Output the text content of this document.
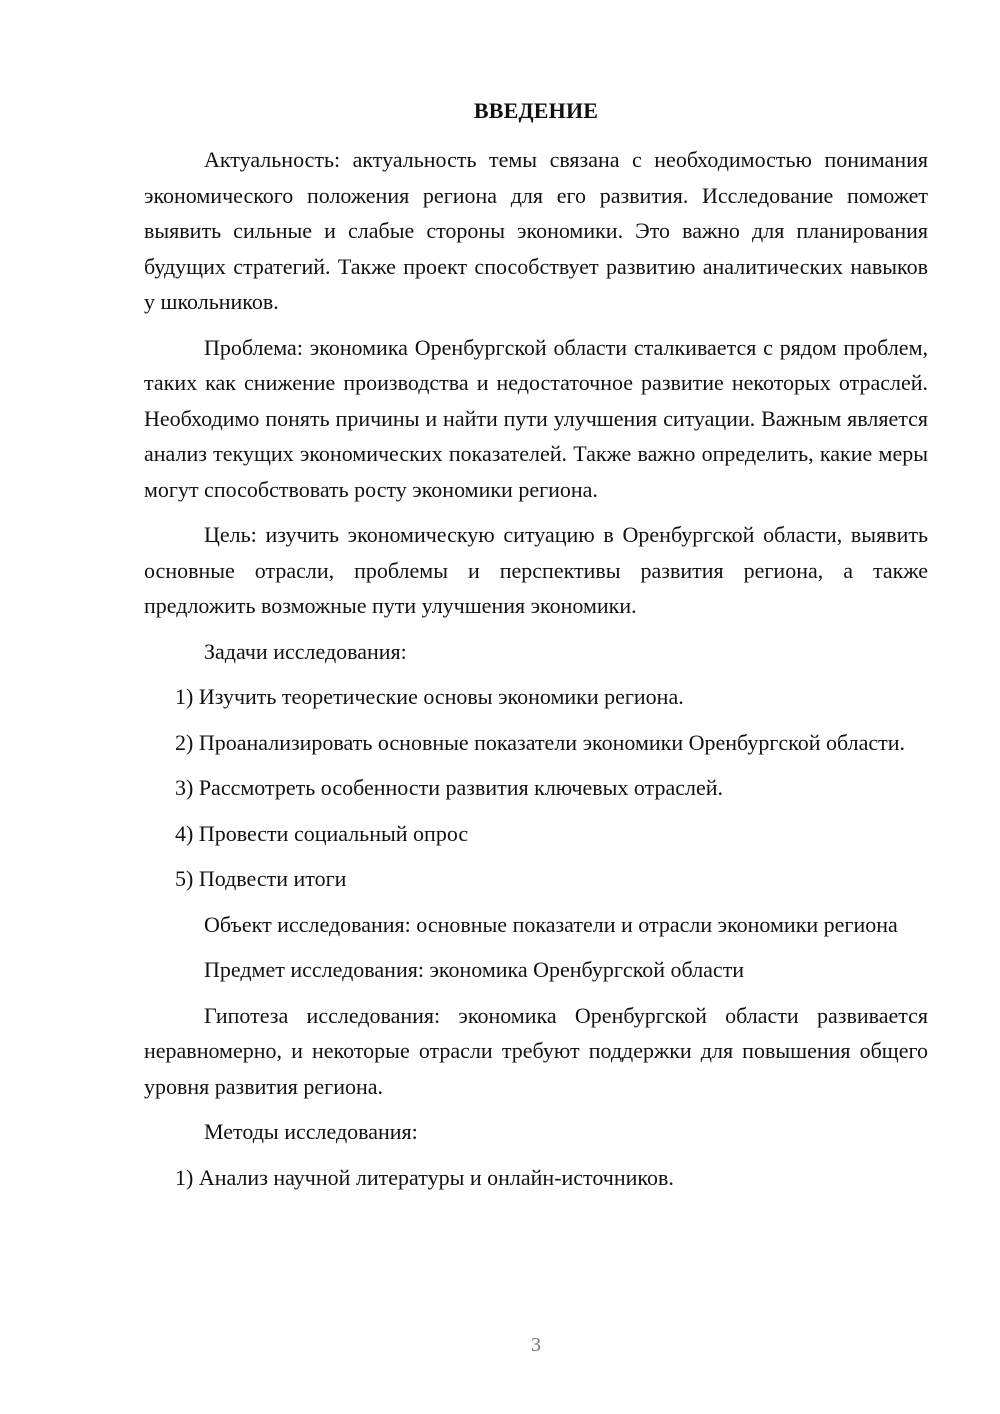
ВВЕДЕНИЕ

Актуальность: актуальность темы связана с необходимостью понимания экономического положения региона для его развития. Исследование поможет выявить сильные и слабые стороны экономики. Это важно для планирования будущих стратегий. Также проект способствует развитию аналитических навыков у школьников.

Проблема: экономика Оренбургской области сталкивается с рядом проблем, таких как снижение производства и недостаточное развитие некоторых отраслей. Необходимо понять причины и найти пути улучшения ситуации. Важным является анализ текущих экономических показателей. Также важно определить, какие меры могут способствовать росту экономики региона.

Цель: изучить экономическую ситуацию в Оренбургской области, выявить основные отрасли, проблемы и перспективы развития региона, а также предложить возможные пути улучшения экономики.

Задачи исследования:

1) Изучить теоретические основы экономики региона.

2) Проанализировать основные показатели экономики Оренбургской области.

3) Рассмотреть особенности развития ключевых отраслей.

4) Провести социальный опрос

5) Подвести итоги

Объект исследования: основные показатели и отрасли экономики региона

Предмет исследования: экономика Оренбургской области

Гипотеза исследования: экономика Оренбургской области развивается неравномерно, и некоторые отрасли требуют поддержки для повышения общего уровня развития региона.

Методы исследования:

1) Анализ научной литературы и онлайн-источников.

3
